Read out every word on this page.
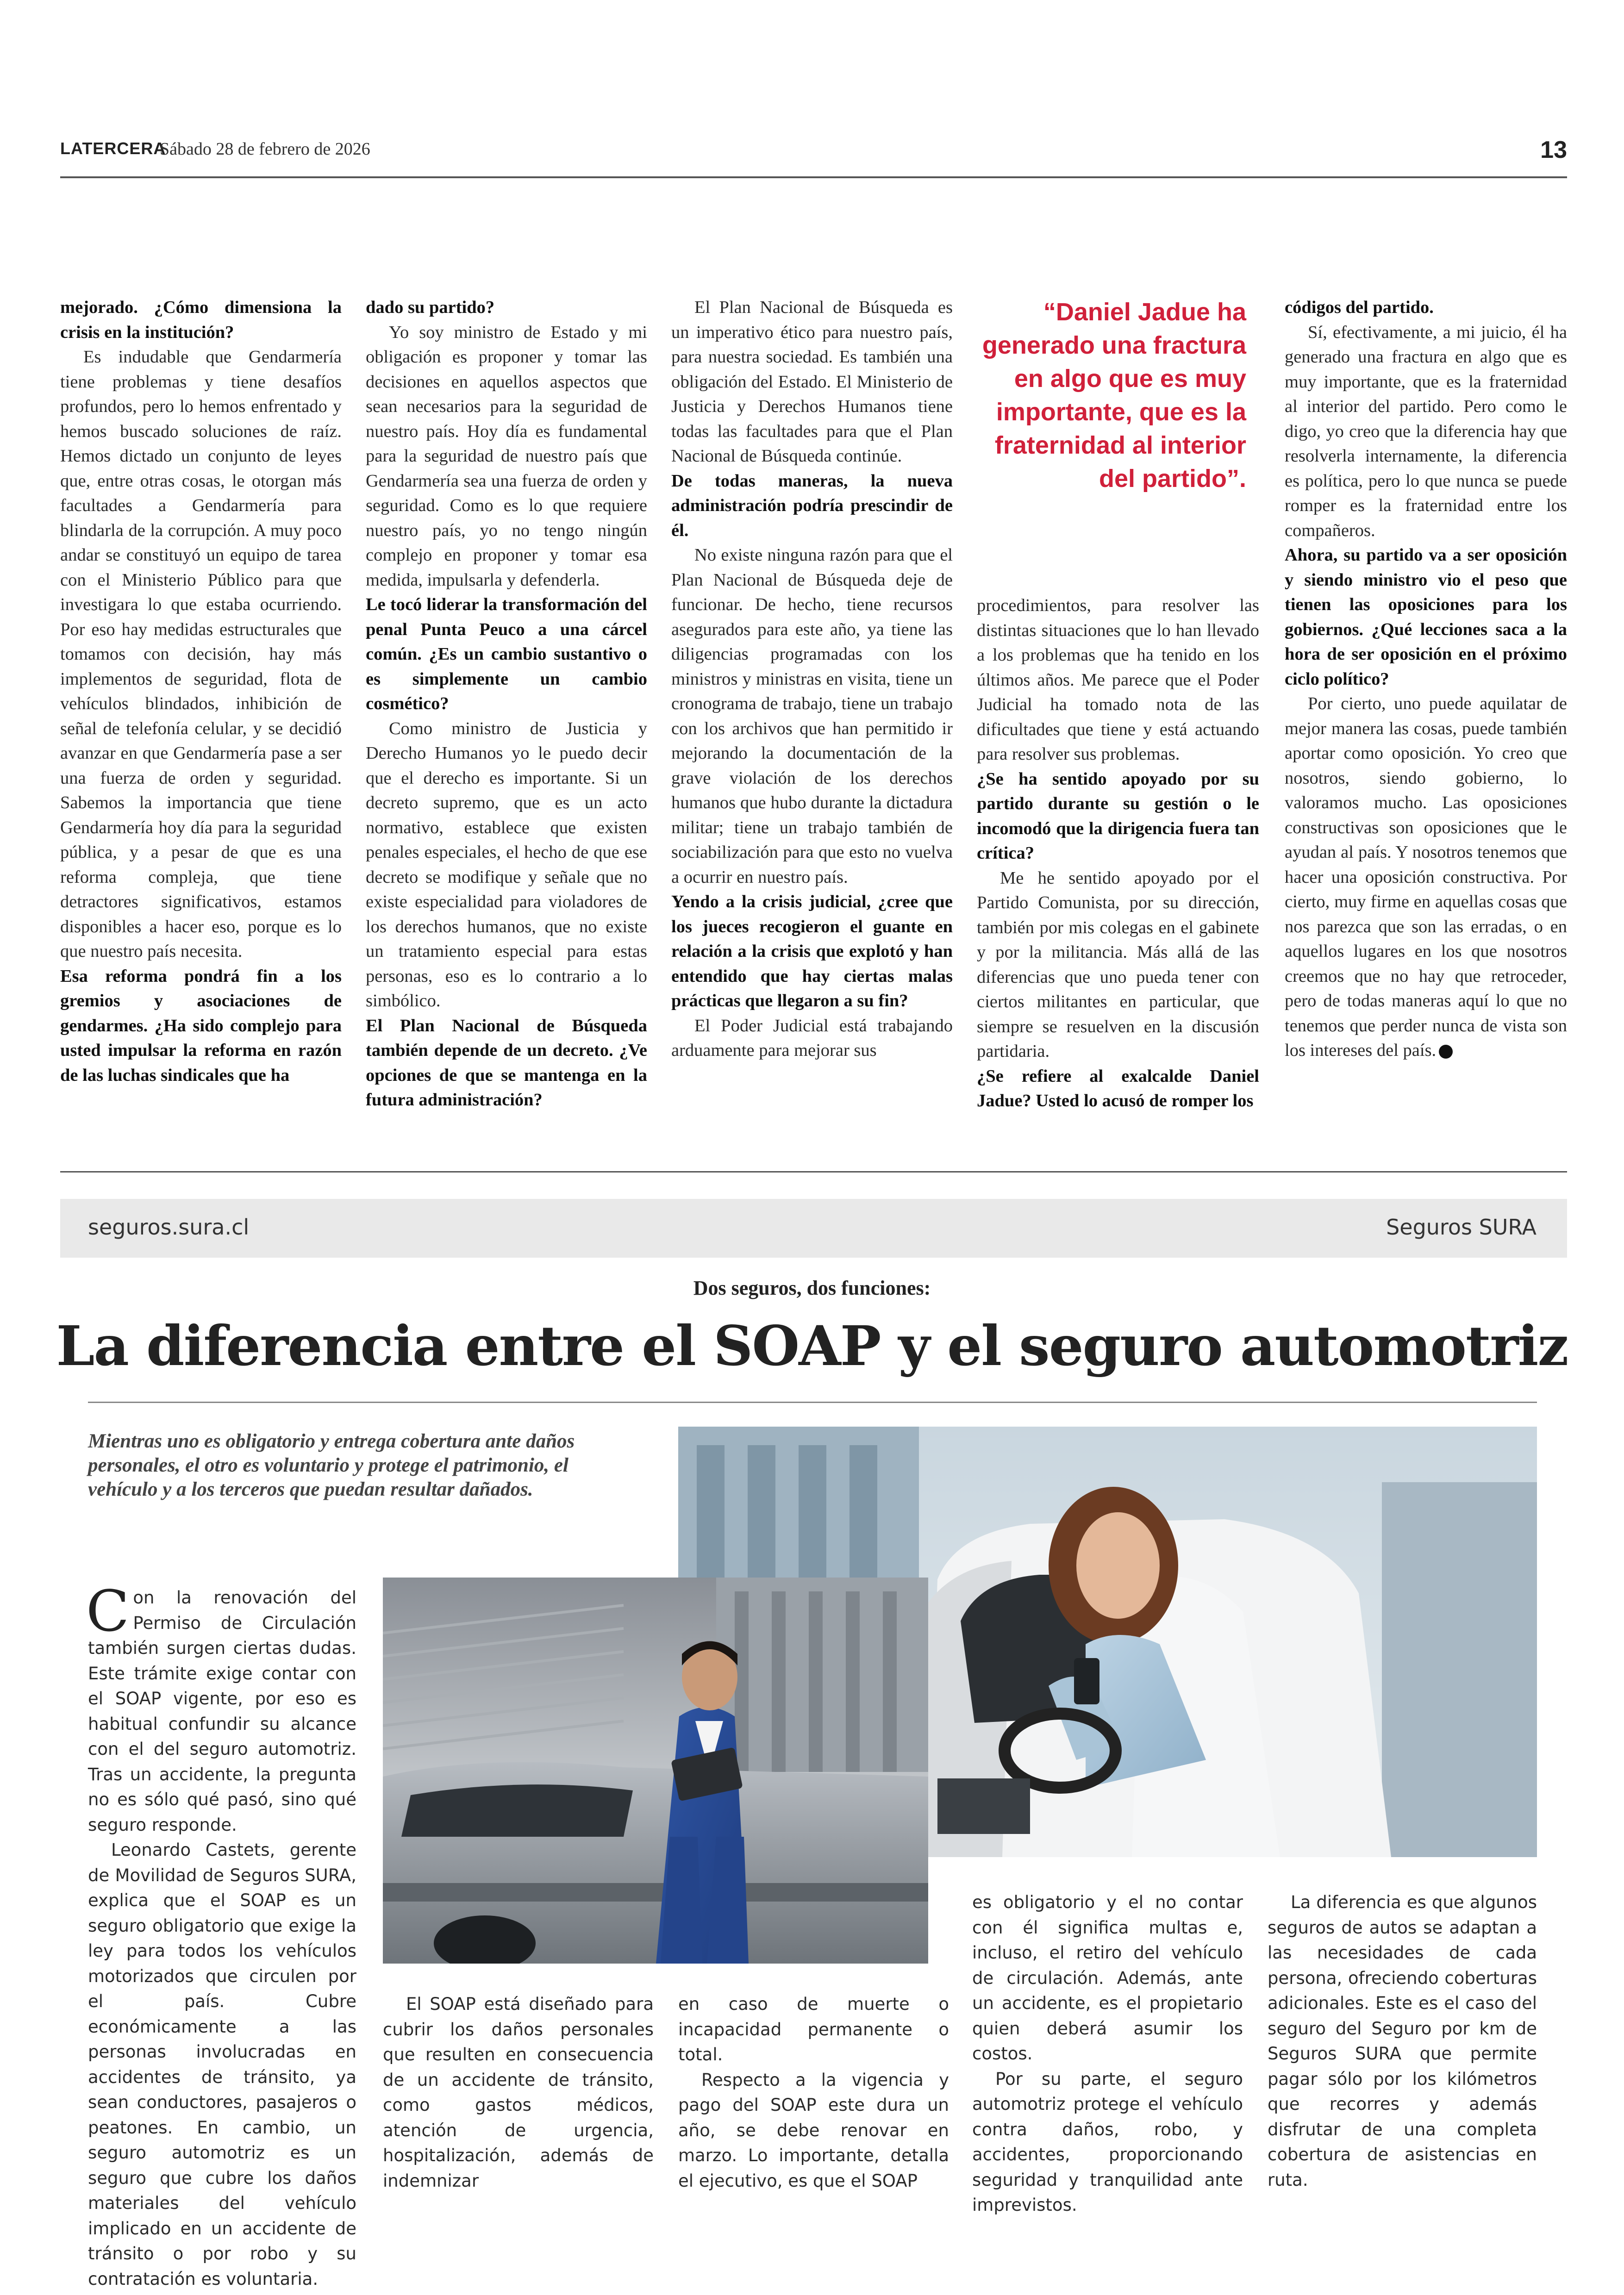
LATERCERA
Sábado 28 de febrero de 2026	13

mejorado. ¿Cómo dimensiona la crisis en la institución?

Es indudable que Gendarmería tiene problemas y tiene desafíos profundos, pero lo hemos enfrentado y hemos buscado soluciones de raíz. Hemos dictado un conjunto de leyes que, entre otras cosas, le otorgan más facultades a Gendarmería para blindarla de la corrupción. A muy poco andar se constituyó un equipo de tarea con el Ministerio Público para que investigara lo que estaba ocurriendo. Por eso hay medidas estructurales que tomamos con decisión, hay más implementos de seguridad, flota de vehículos blindados, inhibición de señal de telefonía celular, y se decidió avanzar en que Gendarmería pase a ser una fuerza de orden y seguridad. Sabemos la importancia que tiene Gendarmería hoy día para la seguridad pública, y a pesar de que es una reforma compleja, que tiene detractores significativos, estamos disponibles a hacer eso, porque es lo que nuestro país necesita.

Esa reforma pondrá fin a los gremios y asociaciones de gendarmes. ¿Ha sido complejo para usted impulsar la reforma en razón de las luchas sindicales que ha

dado su partido?

Yo soy ministro de Estado y mi obligación es proponer y tomar las decisiones en aquellos aspectos que sean necesarios para la seguridad de nuestro país. Hoy día es fundamental para la seguridad de nuestro país que Gendarmería sea una fuerza de orden y seguridad. Como es lo que requiere nuestro país, yo no tengo ningún complejo en proponer y tomar esa medida, impulsarla y defenderla.

Le tocó liderar la transformación del penal Punta Peuco a una cárcel común. ¿Es un cambio sustantivo o es simplemente un cambio cosmético?

Como ministro de Justicia y Derecho Humanos yo le puedo decir que el derecho es importante. Si un decreto supremo, que es un acto normativo, establece que existen penales especiales, el hecho de que ese decreto se modifique y señale que no existe especialidad para violadores de los derechos humanos, que no existe un tratamiento especial para estas personas, eso es lo contrario a lo simbólico.

El Plan Nacional de Búsqueda también depende de un decreto. ¿Ve opciones de que se mantenga en la futura administración?

El Plan Nacional de Búsqueda es un imperativo ético para nuestro país, para nuestra sociedad. Es también una obligación del Estado. El Ministerio de Justicia y Derechos Humanos tiene todas las facultades para que el Plan Nacional de Búsqueda continúe.

De todas maneras, la nueva administración podría prescindir de él.

No existe ninguna razón para que el Plan Nacional de Búsqueda deje de funcionar. De hecho, tiene recursos asegurados para este año, ya tiene las diligencias programadas con los ministros y ministras en visita, tiene un cronograma de trabajo, tiene un trabajo con los archivos que han permitido ir mejorando la documentación de la grave violación de los derechos humanos que hubo durante la dictadura militar; tiene un trabajo también de sociabilización para que esto no vuelva a ocurrir en nuestro país.

Yendo a la crisis judicial, ¿cree que los jueces recogieron el guante en relación a la crisis que explotó y han entendido que hay ciertas malas prácticas que llegaron a su fin?

El Poder Judicial está trabajando arduamente para mejorar sus

procedimientos, para resolver las distintas situaciones que lo han llevado a los problemas que ha tenido en los últimos años. Me parece que el Poder Judicial ha tomado nota de las dificultades que tiene y está actuando para resolver sus problemas.

¿Se ha sentido apoyado por su partido durante su gestión o le incomodó que la dirigencia fuera tan crítica?

Me he sentido apoyado por el Partido Comunista, por su dirección, también por mis colegas en el gabinete y por la militancia. Más allá de las diferencias que uno pueda tener con ciertos militantes en particular, que siempre se resuelven en la discusión partidaria.

¿Se refiere al exalcalde Daniel Jadue? Usted lo acusó de romper los

códigos del partido.

Sí, efectivamente, a mi juicio, él ha generado una fractura en algo que es muy importante, que es la fraternidad al interior del partido. Pero como le digo, yo creo que la diferencia hay que resolverla internamente, la diferencia es política, pero lo que nunca se puede romper es la fraternidad entre los compañeros.

Ahora, su partido va a ser oposición y siendo ministro vio el peso que tienen las oposiciones para los gobiernos. ¿Qué lecciones saca a la hora de ser oposición en el próximo ciclo político?

Por cierto, uno puede aquilatar de mejor manera las cosas, puede también aportar como oposición. Yo creo que nosotros, siendo gobierno, lo valoramos mucho. Las oposiciones constructivas son oposiciones que le ayudan al país. Y nosotros tenemos que hacer una oposición constructiva. Por cierto, muy firme en aquellas cosas que nos parezca que son las erradas, o en aquellos lugares en los que nosotros creemos que no hay que retroceder, pero de todas maneras aquí lo que no tenemos que perder nunca de vista son los intereses del país.

“Daniel Jadue ha generado una fractura en algo que es muy importante, que es la fraternidad al interior del partido”.
seguros.sura.cl	Seguros SURA
Dos seguros, dos funciones:
La diferencia entre el SOAP y el seguro automotriz
Mientras uno es obligatorio y entrega cobertura ante daños personales, el otro es voluntario y protege el patrimonio, el vehículo y a los terceros que puedan resultar dañados.

Con la renovación del Permiso de Circulación también surgen ciertas dudas. Este trámite exige contar con el SOAP vigente, por eso es habitual confundir su alcance con el del seguro automotriz. Tras un accidente, la pregunta no es sólo qué pasó, sino qué seguro responde.

Leonardo Castets, gerente de Movilidad de Seguros SURA, explica que el SOAP es un seguro obligatorio que exige la ley para todos los vehículos motorizados que circulen por el país. Cubre económicamente a las personas involucradas en accidentes de tránsito, ya sean conductores, pasajeros o peatones. En cambio, un seguro automotriz es un seguro que cubre los daños materiales del vehículo implicado en un accidente de tránsito o por robo y su contratación es voluntaria.

El SOAP está diseñado para cubrir los daños personales que resulten en consecuencia de un accidente de tránsito, como gastos médicos, atención de urgencia, hospitalización, además de indemnizar

en caso de muerte o incapacidad permanente o total.

Respecto a la vigencia y pago del SOAP este dura un año, se debe renovar en marzo. Lo importante, detalla el ejecutivo, es que el SOAP

es obligatorio y el no contar con él significa multas e, incluso, el retiro del vehículo de circulación. Además, ante un accidente, es el propietario quien deberá asumir los costos.

Por su parte, el seguro automotriz protege el vehículo contra daños, robo, y accidentes, proporcionando seguridad y tranquilidad ante imprevistos.

La diferencia es que algunos seguros de autos se adaptan a las necesidades de cada persona, ofreciendo coberturas adicionales. Este es el caso del seguro del Seguro por km de Seguros SURA que permite pagar sólo por los kilómetros que recorres y además disfrutar de una completa cobertura de asistencias en ruta.
